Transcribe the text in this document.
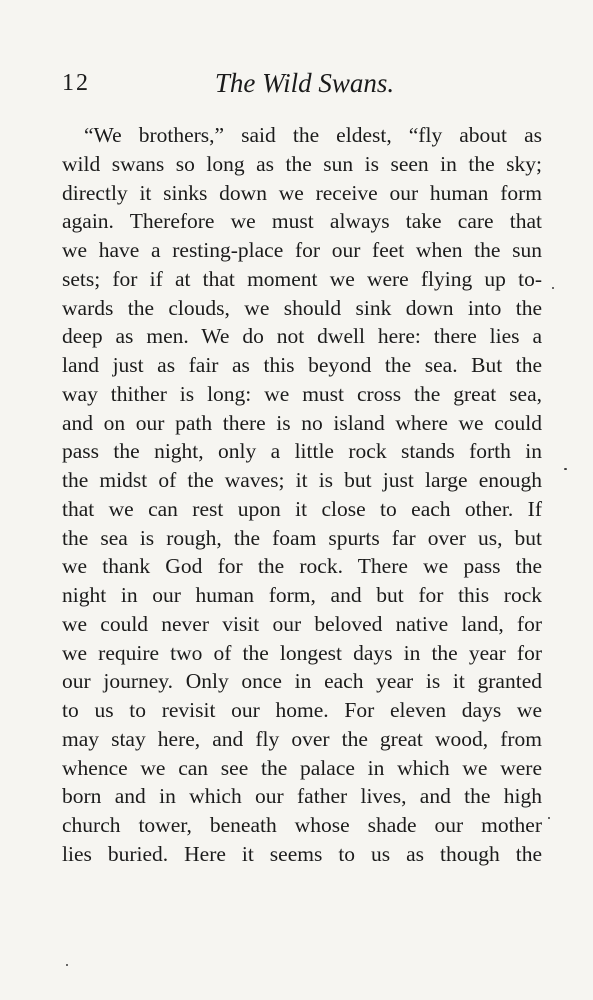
12	The Wild Swans.
“We brothers,” said the eldest, “fly about as
wild swans so long as the sun is seen in the sky;
directly it sinks down we receive our human form
again. Therefore we must always take care that
we have a resting-place for our feet when the sun
sets; for if at that moment we were flying up to-
wards the clouds, we should sink down into the
deep as men. We do not dwell here: there lies a
land just as fair as this beyond the sea. But the
way thither is long: we must cross the great sea,
and on our path there is no island where we could
pass the night, only a little rock stands forth in
the midst of the waves; it is but just large enough
that we can rest upon it close to each other. If
the sea is rough, the foam spurts far over us, but
we thank God for the rock. There we pass the
night in our human form, and but for this rock
we could never visit our beloved native land, for
we require two of the longest days in the year for
our journey. Only once in each year is it granted
to us to revisit our home. For eleven days we
may stay here, and fly over the great wood, from
whence we can see the palace in which we were
born and in which our father lives, and the high
church tower, beneath whose shade our mother
lies buried. Here it seems to us as though the
